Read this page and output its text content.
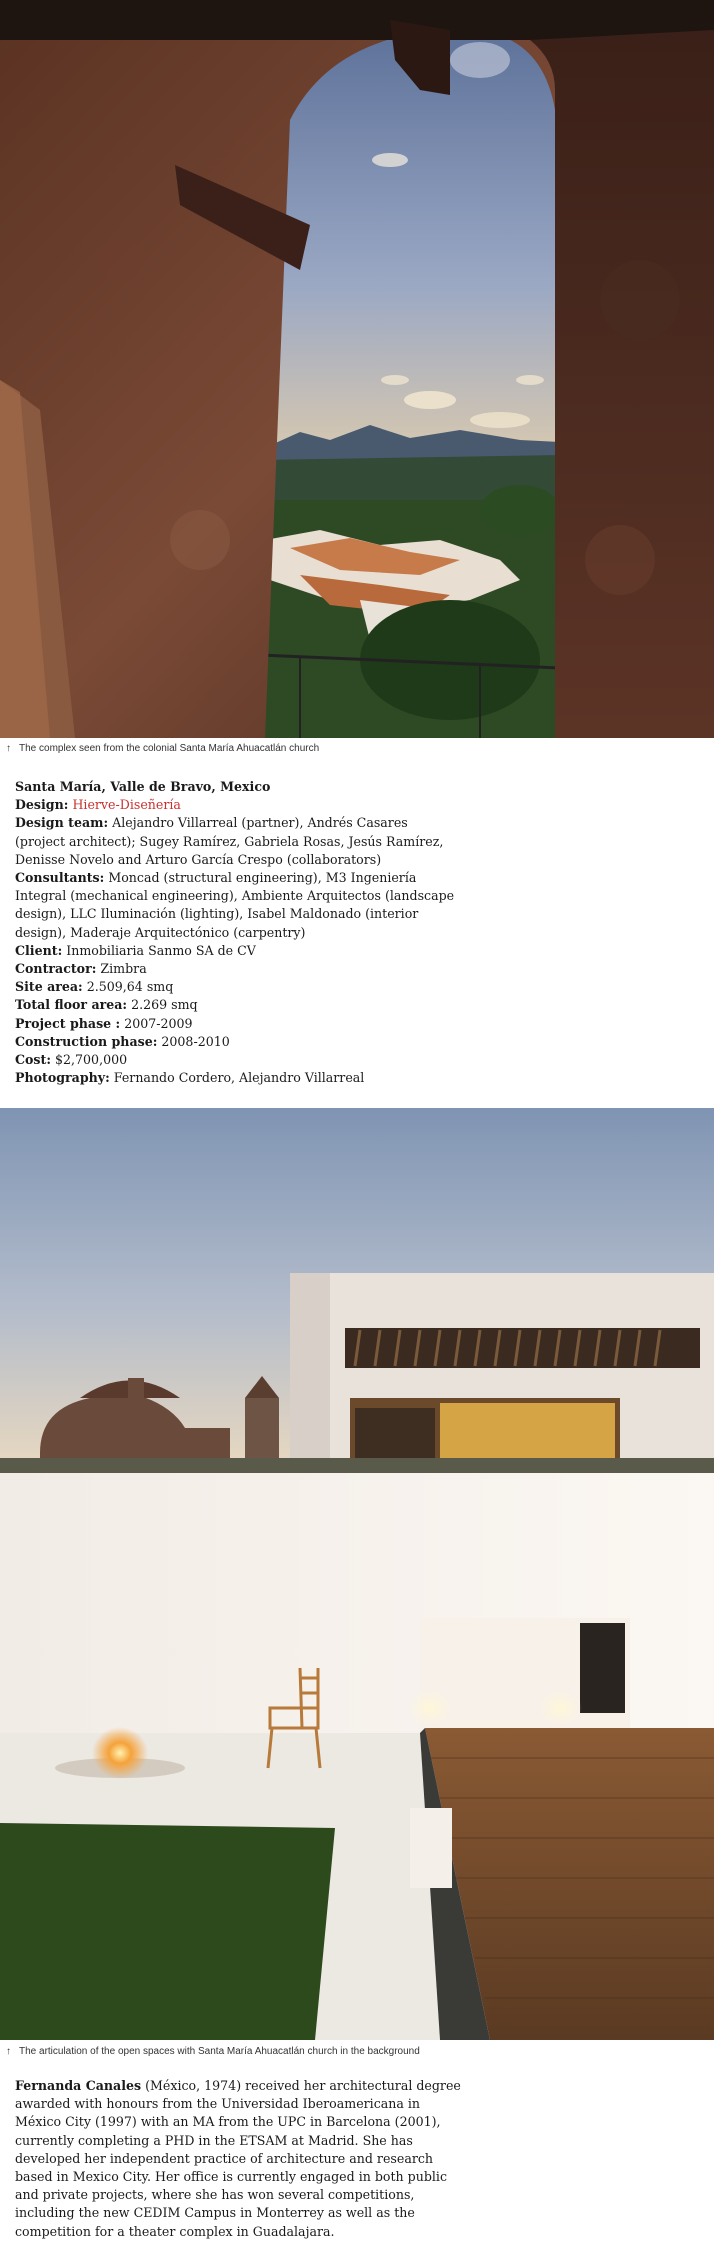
↑ The complex seen from the colonial Santa María Ahuacatlán church

Santa María, Valle de Bravo, Mexico

Design: Hierve-Diseñería

Design team: Alejandro Villarreal (partner), Andrés Casares (project architect); Sugey Ramírez, Gabriela Rosas, Jesús Ramírez, Denisse Novelo and Arturo García Crespo (collaborators)

Consultants: Moncad (structural engineering), M3 Ingeniería Integral (mechanical engineering), Ambiente Arquitectos (landscape design), LLC Iluminación (lighting), Isabel Maldonado (interior design), Maderaje Arquitectónico (carpentry)

Client: Inmobiliaria Sanmo SA de CV

Contractor: Zimbra

Site area: 2.509,64 smq

Total floor area: 2.269 smq

Project phase : 2007-2009

Construction phase: 2008-2010

Cost: $2,700,000

Photography: Fernando Cordero, Alejandro Villarreal

↑ The articulation of the open spaces with Santa María Ahuacatlán church in the background

Fernanda Canales (México, 1974) received her architectural degree awarded with honours from the Universidad Iberoamericana in México City (1997) with an MA from the UPC in Barcelona (2001), currently completing a PHD in the ETSAM at Madrid. She has developed her independent practice of architecture and research based in Mexico City. Her office is currently engaged in both public and private projects, where she has won several competitions, including the new CEDIM Campus in Monterrey as well as the competition for a theater complex in Guadalajara.
